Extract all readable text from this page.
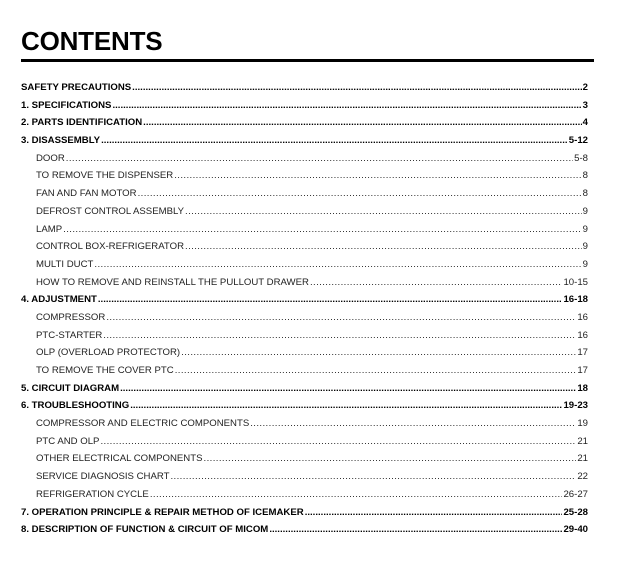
CONTENTS
SAFETY PRECAUTIONS .....	2
1. SPECIFICATIONS .....	3
2. PARTS IDENTIFICATION .....	4
3. DISASSEMBLY .....	5-12
DOOR .....	5-8
TO REMOVE THE DISPENSER .....	8
FAN AND FAN MOTOR .....	8
DEFROST CONTROL ASSEMBLY .....	9
LAMP .....	9
CONTROL BOX-REFRIGERATOR .....	9
MULTI DUCT .....	9
HOW TO REMOVE AND REINSTALL THE PULLOUT DRAWER .....	10-15
4. ADJUSTMENT .....	16-18
COMPRESSOR .....	16
PTC-STARTER .....	16
OLP (OVERLOAD PROTECTOR) .....	17
TO REMOVE THE COVER PTC .....	17
5. CIRCUIT DIAGRAM .....	18
6. TROUBLESHOOTING .....	19-23
COMPRESSOR AND ELECTRIC COMPONENTS .....	19
PTC AND OLP .....	21
OTHER ELECTRICAL COMPONENTS .....	21
SERVICE DIAGNOSIS CHART .....	22
REFRIGERATION CYCLE .....	26-27
7. OPERATION PRINCIPLE & REPAIR METHOD OF ICEMAKER .....	25-28
8. DESCRIPTION OF FUNCTION & CIRCUIT OF MICOM .....	29-40
